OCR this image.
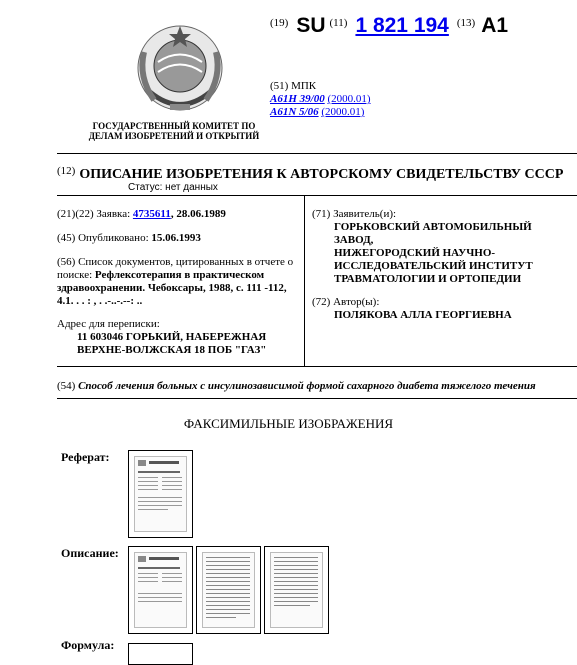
ГОСУДАРСТВЕННЫЙ КОМИТЕТ ПО
ДЕЛАМ ИЗОБРЕТЕНИЙ И ОТКРЫТИЙ
$^{(19)}$ SU $^{(11)}$ 1 821 194 $^{(13)}$ A1
(51) МПК
A61H 39/00 (2000.01)
A61N 5/06 (2000.01)
$^{(12)}$ ОПИСАНИЕ ИЗОБРЕТЕНИЯ К АВТОРСКОМУ СВИДЕТЕЛЬСТВУ СССР
Статус: нет данных
(21)(22) Заявка: 4735611, 28.06.1989
(45) Опубликовано: 15.06.1993
(56) Список документов, цитированных в отчете о поиске: Рефлексотерапия в практическом здравоохранении. Чебоксары, 1988, с. 111 -112, 4.1. . . : , . .-..-.--: ..
Адрес для переписки:
11 603046 ГОРЬКИЙ, НАБЕРЕЖНАЯ
ВЕРХНЕ-ВОЛЖСКАЯ 18 ПОБ "ГАЗ"
(71) Заявитель(и):
ГОРЬКОВСКИЙ АВТОМОБИЛЬНЫЙ
ЗАВОД,
НИЖЕГОРОДСКИЙ НАУЧНО-
ИССЛЕДОВАТЕЛЬСКИЙ ИНСТИТУТ
ТРАВМАТОЛОГИИ И ОРТОПЕДИИ
(72) Автор(ы):
ПОЛЯКОВА АЛЛА ГЕОРГИЕВНА
(54) Способ лечения больных с инсулинозависимой формой сахарного диабета тяжелого течения
ФАКСИМИЛЬНЫЕ ИЗОБРАЖЕНИЯ
Реферат:
Описание:
Формула:
